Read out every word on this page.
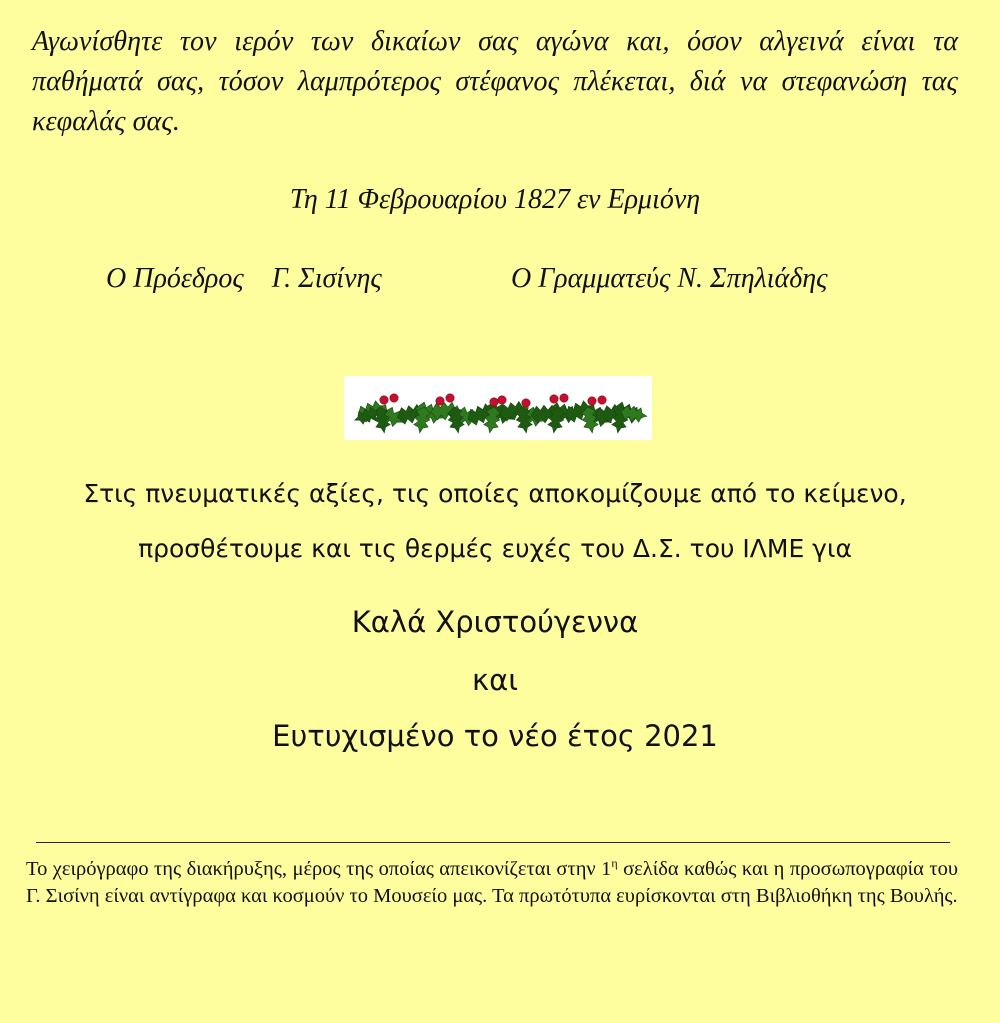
Αγωνίσθητε τον ιερόν των δικαίων σας αγώνα και, όσον αλγεινά είναι τα παθήματά σας, τόσον λαμπρότερος στέφανος πλέκεται, διά να στεφανώση τας κεφαλάς σας.
Τη 11 Φεβρουαρίου 1827 εν Ερμιόνη
Ο Πρόεδρος    Γ. Σισίνης	Ο Γραμματεύς Ν. Σπηλιάδης
Στις πνευματικές αξίες, τις οποίες αποκομίζουμε από το κείμενο,
προσθέτουμε και τις θερμές ευχές του Δ.Σ. του ΙΛΜΕ για
Καλά Χριστούγεννα
και
Ευτυχισμένο το νέο έτος 2021
Το χειρόγραφο της διακήρυξης, μέρος της οποίας απεικονίζεται στην $1^\eta$ σελίδα καθώς και η προσωπογραφία του Γ. Σισίνη είναι αντίγραφα και κοσμούν το Μουσείο μας. Τα πρωτότυπα ευρίσκονται στη Βιβλιοθήκη της Βουλής.
